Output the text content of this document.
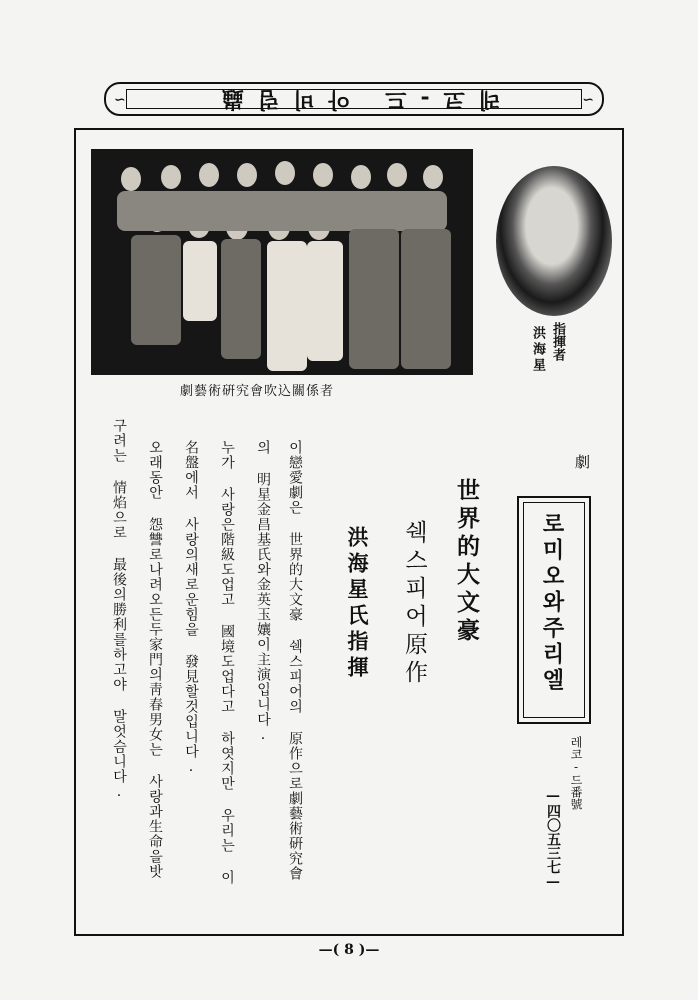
∽	∽
레코-드 아비럼蟲
劇藝術硏究會吹込關係者
指揮者
洪海星
劇
로미오와주리엘
레코-드番號
—四〇五三七—
世界的大文豪
쉑스피어原作
洪海星氏指揮
이戀愛劇은 世界的大文豪 쉑스피어의 原作으로劇藝術硏究會
의 明星金昌基氏와金英玉孃이主演입니다.
누가 사랑은階級도업고 國境도업다고 하엿지만 우리는 이
名盤에서 사랑의새로운힘을 發見할것입니다.
오래동안 怨讐로나려오든두家門의靑春男女는 사랑과生命을밧
구려는 情焰으로 最後의勝利를하고야 말엇슴니다.
—( 8 )—
